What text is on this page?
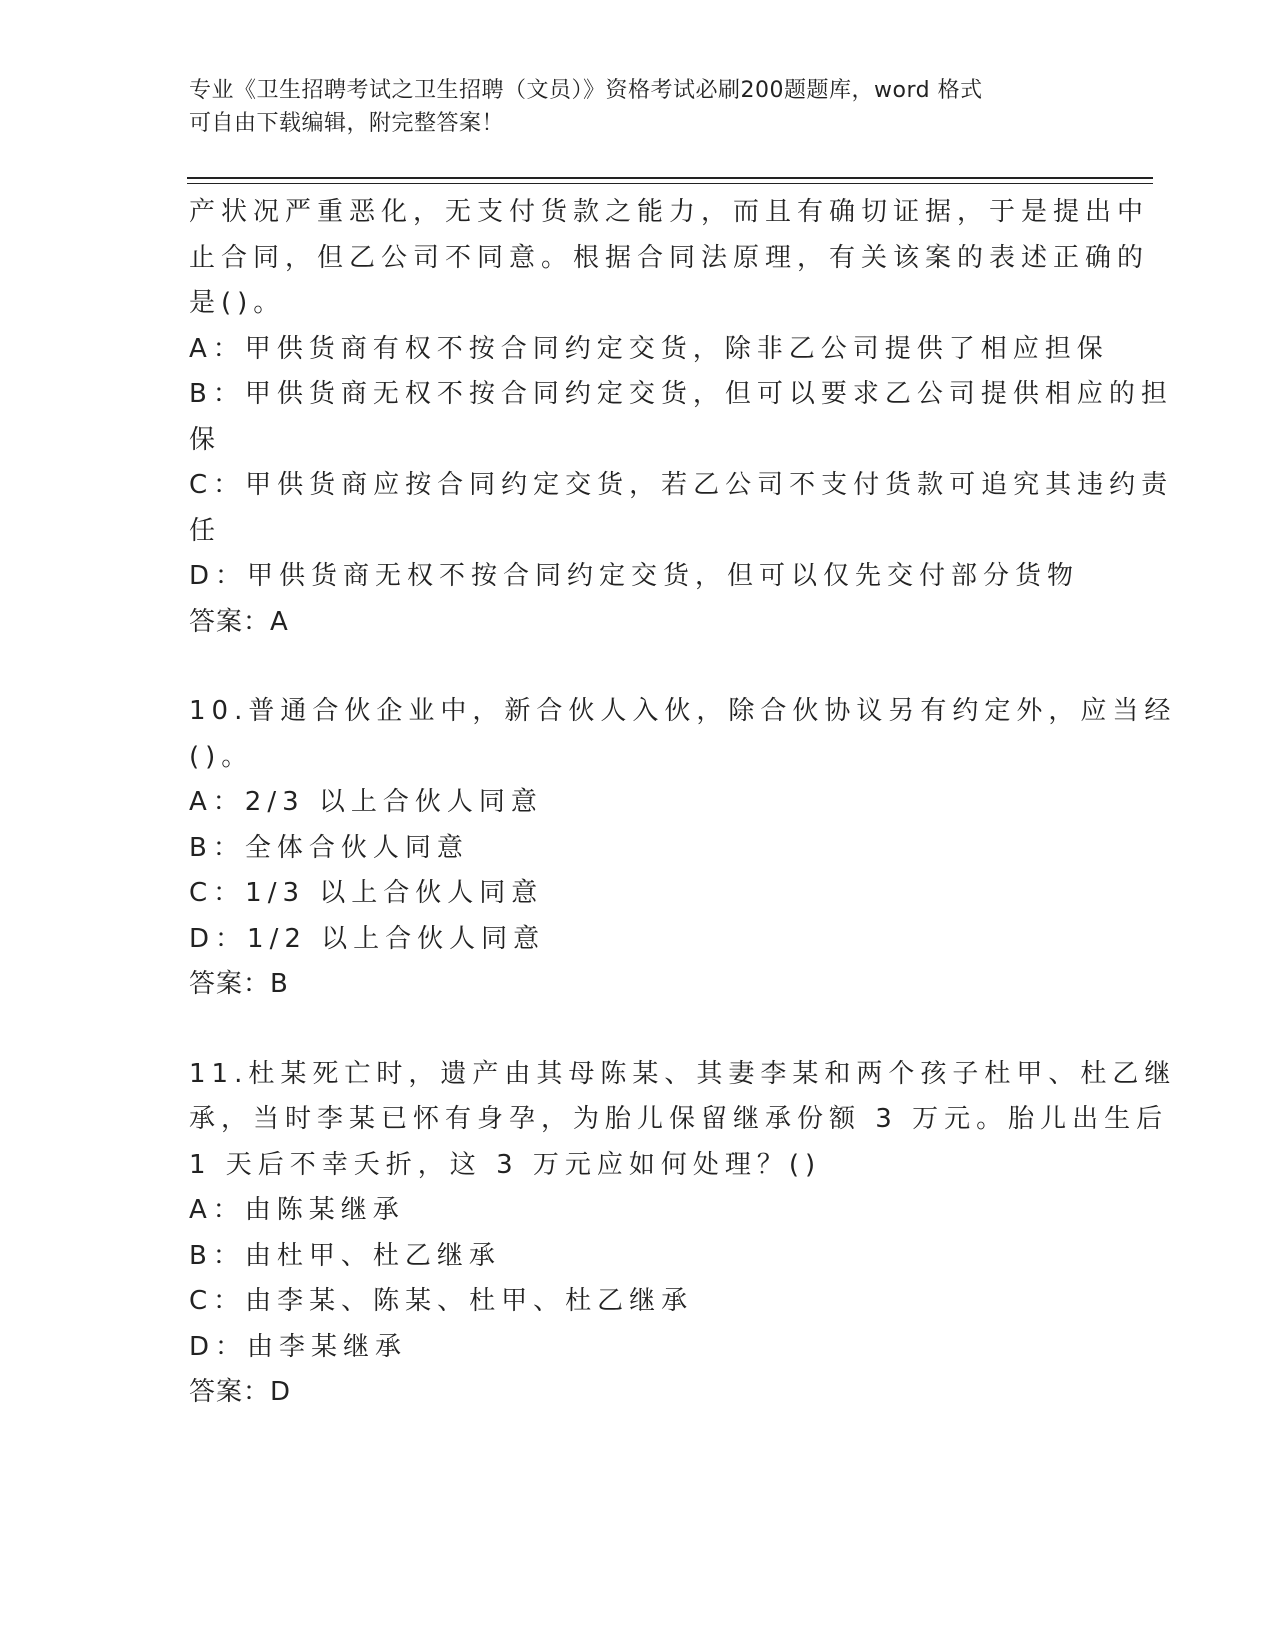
专业《卫生招聘考试之卫生招聘（文员）》资格考试必刷200题题库，word 格式
可自由下载编辑，附完整答案！
产状况严重恶化，无支付货款之能力，而且有确切证据，于是提出中
止合同，但乙公司不同意。根据合同法原理，有关该案的表述正确的
是()。
A：甲供货商有权不按合同约定交货，除非乙公司提供了相应担保
B：甲供货商无权不按合同约定交货，但可以要求乙公司提供相应的担
保
C：甲供货商应按合同约定交货，若乙公司不支付货款可追究其违约责
任
D：甲供货商无权不按合同约定交货，但可以仅先交付部分货物
答案：A
10.普通合伙企业中，新合伙人入伙，除合伙协议另有约定外，应当经
()。
A：2/3 以上合伙人同意
B：全体合伙人同意
C：1/3 以上合伙人同意
D：1/2 以上合伙人同意
答案：B
11.杜某死亡时，遗产由其母陈某、其妻李某和两个孩子杜甲、杜乙继
承，当时李某已怀有身孕，为胎儿保留继承份额 3 万元。胎儿出生后
1 天后不幸夭折，这 3 万元应如何处理？()
A：由陈某继承
B：由杜甲、杜乙继承
C：由李某、陈某、杜甲、杜乙继承
D：由李某继承
答案：D
